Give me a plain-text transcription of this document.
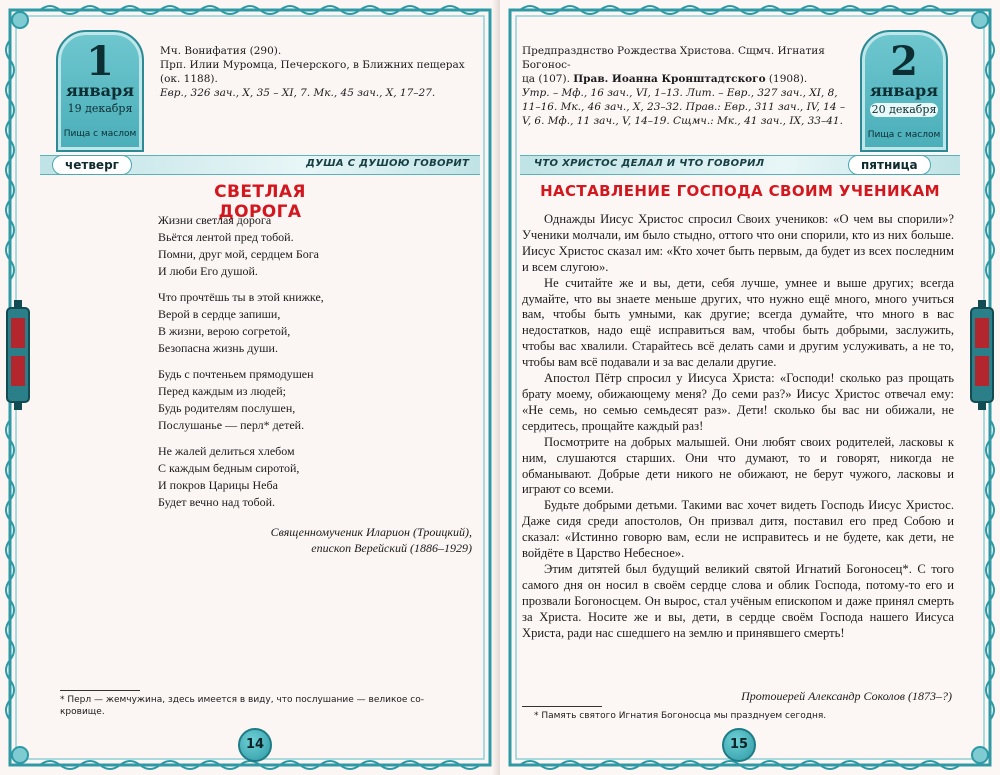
1
января
19 декабря
Пища с маслом
Мч. Вонифатия (290).
Прп. Илии Муромца, Печерского, в Ближних пещерах (ок. 1188).
Евр., 326 зач., Х, 35 – XI, 7. Мк., 45 зач., Х, 17–27.
четверг	ДУША С ДУШОЮ ГОВОРИТ
СВЕТЛАЯ ДОРОГА
Жизни светлая дорога
Вьётся лентой пред тобой.
Помни, друг мой, сердцем Бога
И люби Его душой.
Что прочтёшь ты в этой книжке,
Верой в сердце запиши,
В жизни, верою согретой,
Безопасна жизнь души.
Будь с почтеньем прямодушен
Перед каждым из людей;
Будь родителям послушен,
Послушанье — перл* детей.
Не жалей делиться хлебом
С каждым бедным сиротой,
И покров Царицы Неба
Будет вечно над тобой.
Священномученик Иларион (Троицкий),
епископ Верейский (1886–1929)
* Перл — жемчужина, здесь имеется в виду, что послушание — великое со-
кровище.
14
Предпразднство Рождества Христова. Сщмч. Игнатия Богонос-
ца (107). Прав. Иоанна Кронштадтского (1908).
Утр. – Мф., 16 зач., VI, 1–13. Лит. – Евр., 327 зач., XI, 8,
11–16. Мк., 46 зач., X, 23–32. Прав.: Евр., 311 зач., IV, 14 –
V, 6. Мф., 11 зач., V, 14–19. Сщмч.: Мк., 41 зач., IX, 33–41.
2
января
20 декабря
Пища с маслом
ЧТО ХРИСТОС ДЕЛАЛ И ЧТО ГОВОРИЛ	пятница
НАСТАВЛЕНИЕ ГОСПОДА СВОИМ УЧЕНИКАМ

Однажды Иисус Христос спросил Своих учеников: «О чем вы спорили»? Ученики молчали, им было стыдно, оттого что они спорили, кто из них больше. Иисус Христос сказал им: «Кто хочет быть первым, да будет из всех последним и всем слугою».

Не считайте же и вы, дети, себя лучше, умнее и выше других; всегда думайте, что вы знаете меньше других, что нужно ещё много, много учиться вам, чтобы быть умными, как другие; всегда думайте, что много в вас недостатков, надо ещё исправиться вам, чтобы быть добрыми, заслужить, чтобы вас хвалили. Старайтесь всё делать сами и другим услуживать, а не то, чтобы вам всё подавали и за вас делали другие.

Апостол Пётр спросил у Иисуса Христа: «Господи! сколько раз прощать брату моему, обижающему меня? До семи раз?» Иисус Христос отвечал ему: «Не семь, но семью семьдесят раз». Дети! сколько бы вас ни обижали, не сердитесь, прощайте каждый раз!

Посмотрите на добрых малышей. Они любят своих родителей, ласковы к ним, слушаются старших. Они что думают, то и говорят, никогда не обманывают. Добрые дети никого не обижают, не берут чужого, ласковы и играют со всеми.

Будьте добрыми детьми. Такими вас хочет видеть Господь Иисус Христос. Даже сидя среди апостолов, Он призвал дитя, поставил его пред Собою и сказал: «Истинно говорю вам, если не исправитесь и не будете, как дети, не войдёте в Царство Небесное».

Этим дитятей был будущий великий святой Игнатий Богоносец*. С того самого дня он носил в своём сердце слова и облик Господа, потому-то его и прозвали Богоносцем. Он вырос, стал учёным епископом и даже принял смерть за Христа. Носите же и вы, дети, в сердце своём Господа нашего Иисуса Христа, ради нас сшедшего на землю и принявшего смерть!

Протоиерей Александр Соколов (1873–?)
* Память святого Игнатия Богоносца мы празднуем сегодня.
15
